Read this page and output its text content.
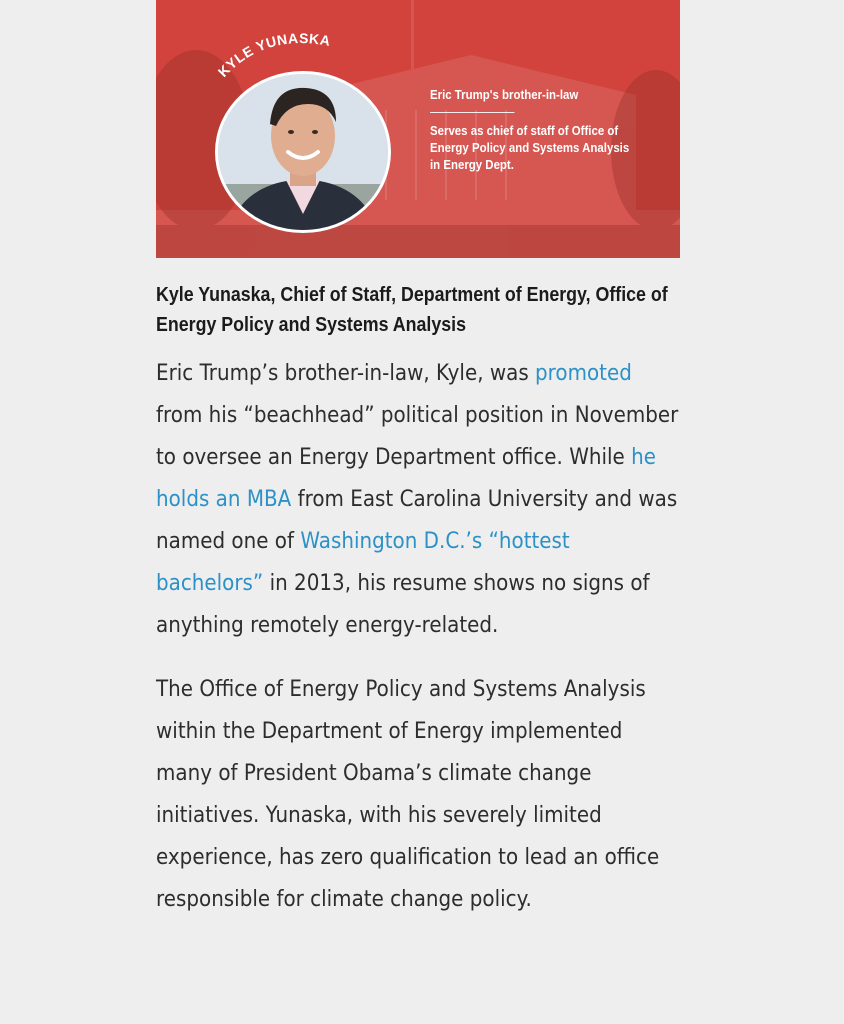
KYLE YUNASKA
Eric Trump's brother-in-law
Serves as chief of staff of Office of Energy Policy and Systems Analysis in Energy Dept.
Kyle Yunaska, Chief of Staff, Department of Energy, Office of Energy Policy and Systems Analysis

Eric Trump’s brother-in-law, Kyle, was promoted from his “beachhead” political position in November to oversee an Energy Department office. While he holds an MBA from East Carolina University and was named one of Washington D.C.’s “hottest bachelors” in 2013, his resume shows no signs of anything remotely energy-related.

The Office of Energy Policy and Systems Analysis within the Department of Energy implemented many of President Obama’s climate change initiatives. Yunaska, with his severely limited experience, has zero qualification to lead an office responsible for climate change policy.
